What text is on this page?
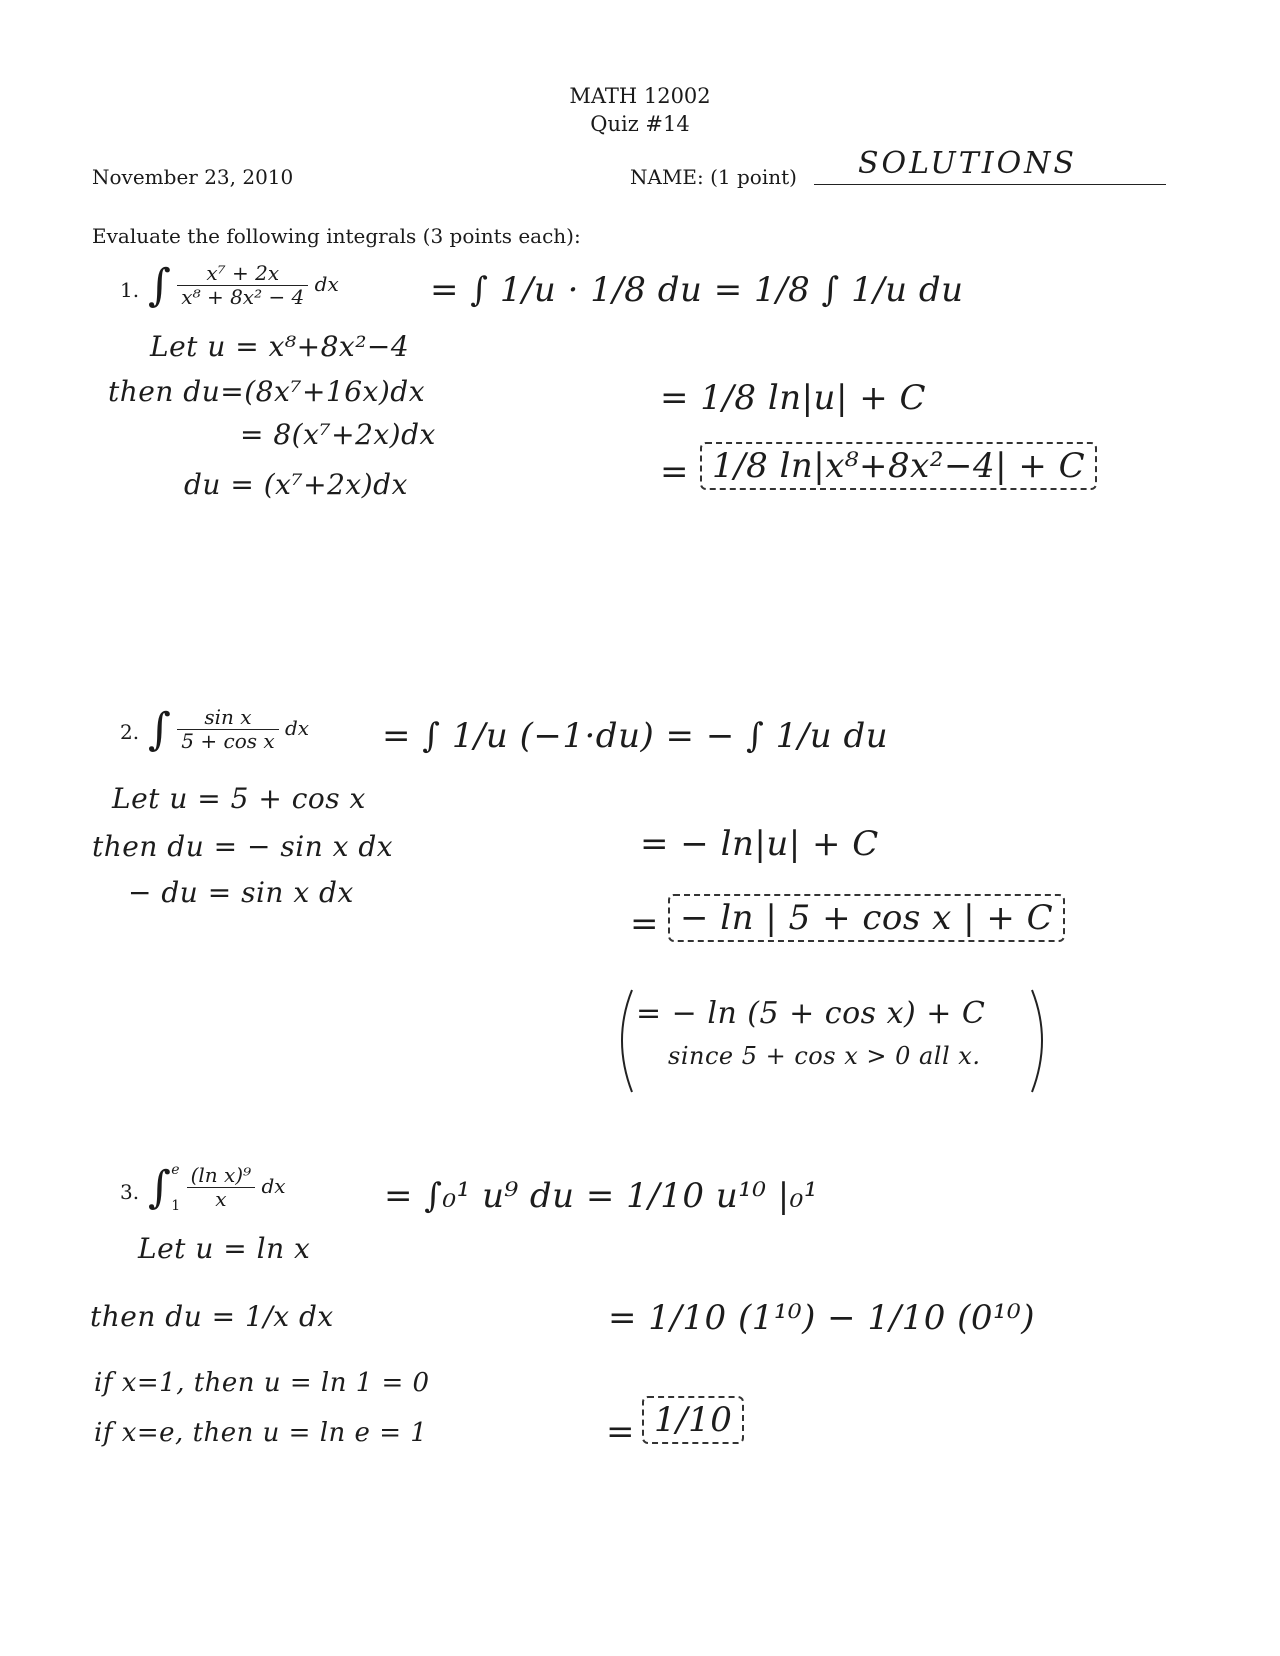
MATH 12002
Quiz #14
November 23, 2010	NAME: (1 point) SOLUTIONS
Evaluate the following integrals (3 points each):
1. ∫ $\frac{\text{x⁷ + 2x}}{\text{x⁸ + 8x² − 4}}$ dx
Let u = x⁸+8x²−4
then du=(8x⁷+16x)dx
= 8(x⁷+2x)dx
du = (x⁷+2x)dx
= ∫ 1/u · 1/8 du = 1/8 ∫ 1/u du
= 1/8 ln|u| + C
= 1/8 ln|x⁸+8x²−4| + C
2. ∫ $\frac{\text{sin x}}{\text{5 + cos x}}$ dx
Let u = 5 + cos x
then du = − sin x dx
− du = sin x dx
= ∫ 1/u (−1·du) = − ∫ 1/u du
= − ln|u| + C
= − ln | 5 + cos x | + C
= − ln (5 + cos x) + C
since 5 + cos x > 0 all x.
3. ∫ e
1
$\frac{\text{(ln x)⁹}}{x}$ dx
Let u = ln x
then du = 1/x dx
if x=1, then u = ln 1 = 0
if x=e, then u = ln e = 1
= ∫₀¹ u⁹ du = 1/10 u¹⁰ |₀¹
= 1/10 (1¹⁰) − 1/10 (0¹⁰)
= 1/10
